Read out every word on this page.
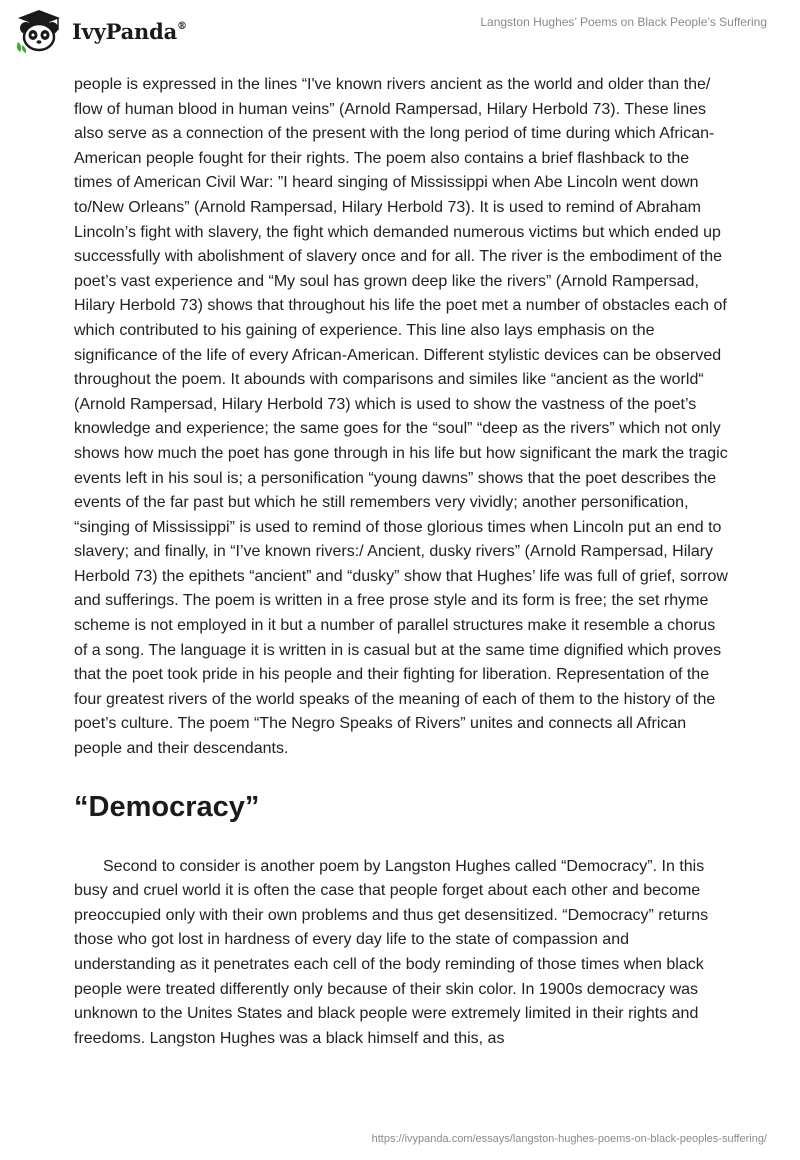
IvyPanda®	Langston Hughes’ Poems on Black People’s Suffering

people is expressed in the lines “I've known rivers ancient as the world and older than the/ flow of human blood in human veins” (Arnold Rampersad, Hilary Herbold 73). These lines also serve as a connection of the present with the long period of time during which African-American people fought for their rights. The poem also contains a brief flashback to the times of American Civil War: ”I heard singing of Mississippi when Abe Lincoln went down to/New Orleans” (Arnold Rampersad, Hilary Herbold 73). It is used to remind of Abraham Lincoln’s fight with slavery, the fight which demanded numerous victims but which ended up successfully with abolishment of slavery once and for all. The river is the embodiment of the poet’s vast experience and “My soul has grown deep like the rivers” (Arnold Rampersad, Hilary Herbold 73) shows that throughout his life the poet met a number of obstacles each of which contributed to his gaining of experience. This line also lays emphasis on the significance of the life of every African-American. Different stylistic devices can be observed throughout the poem. It abounds with comparisons and similes like “ancient as the world“ (Arnold Rampersad, Hilary Herbold 73) which is used to show the vastness of the poet’s knowledge and experience; the same goes for the “soul” “deep as the rivers” which not only shows how much the poet has gone through in his life but how significant the mark the tragic events left in his soul is; a personification “young dawns” shows that the poet describes the events of the far past but which he still remembers very vividly; another personification, “singing of Mississippi” is used to remind of those glorious times when Lincoln put an end to slavery; and finally, in “I’ve known rivers:/ Ancient, dusky rivers” (Arnold Rampersad, Hilary Herbold 73) the epithets “ancient” and “dusky” show that Hughes’ life was full of grief, sorrow and sufferings. The poem is written in a free prose style and its form is free; the set rhyme scheme is not employed in it but a number of parallel structures make it resemble a chorus of a song. The language it is written in is casual but at the same time dignified which proves that the poet took pride in his people and their fighting for liberation. Representation of the four greatest rivers of the world speaks of the meaning of each of them to the history of the poet’s culture. The poem “The Negro Speaks of Rivers” unites and connects all African people and their descendants.

“Democracy”

Second to consider is another poem by Langston Hughes called “Democracy”. In this busy and cruel world it is often the case that people forget about each other and become preoccupied only with their own problems and thus get desensitized. “Democracy” returns those who got lost in hardness of every day life to the state of compassion and understanding as it penetrates each cell of the body reminding of those times when black people were treated differently only because of their skin color. In 1900s democracy was unknown to the Unites States and black people were extremely limited in their rights and freedoms. Langston Hughes was a black himself and this, as

https://ivypanda.com/essays/langston-hughes-poems-on-black-peoples-suffering/
